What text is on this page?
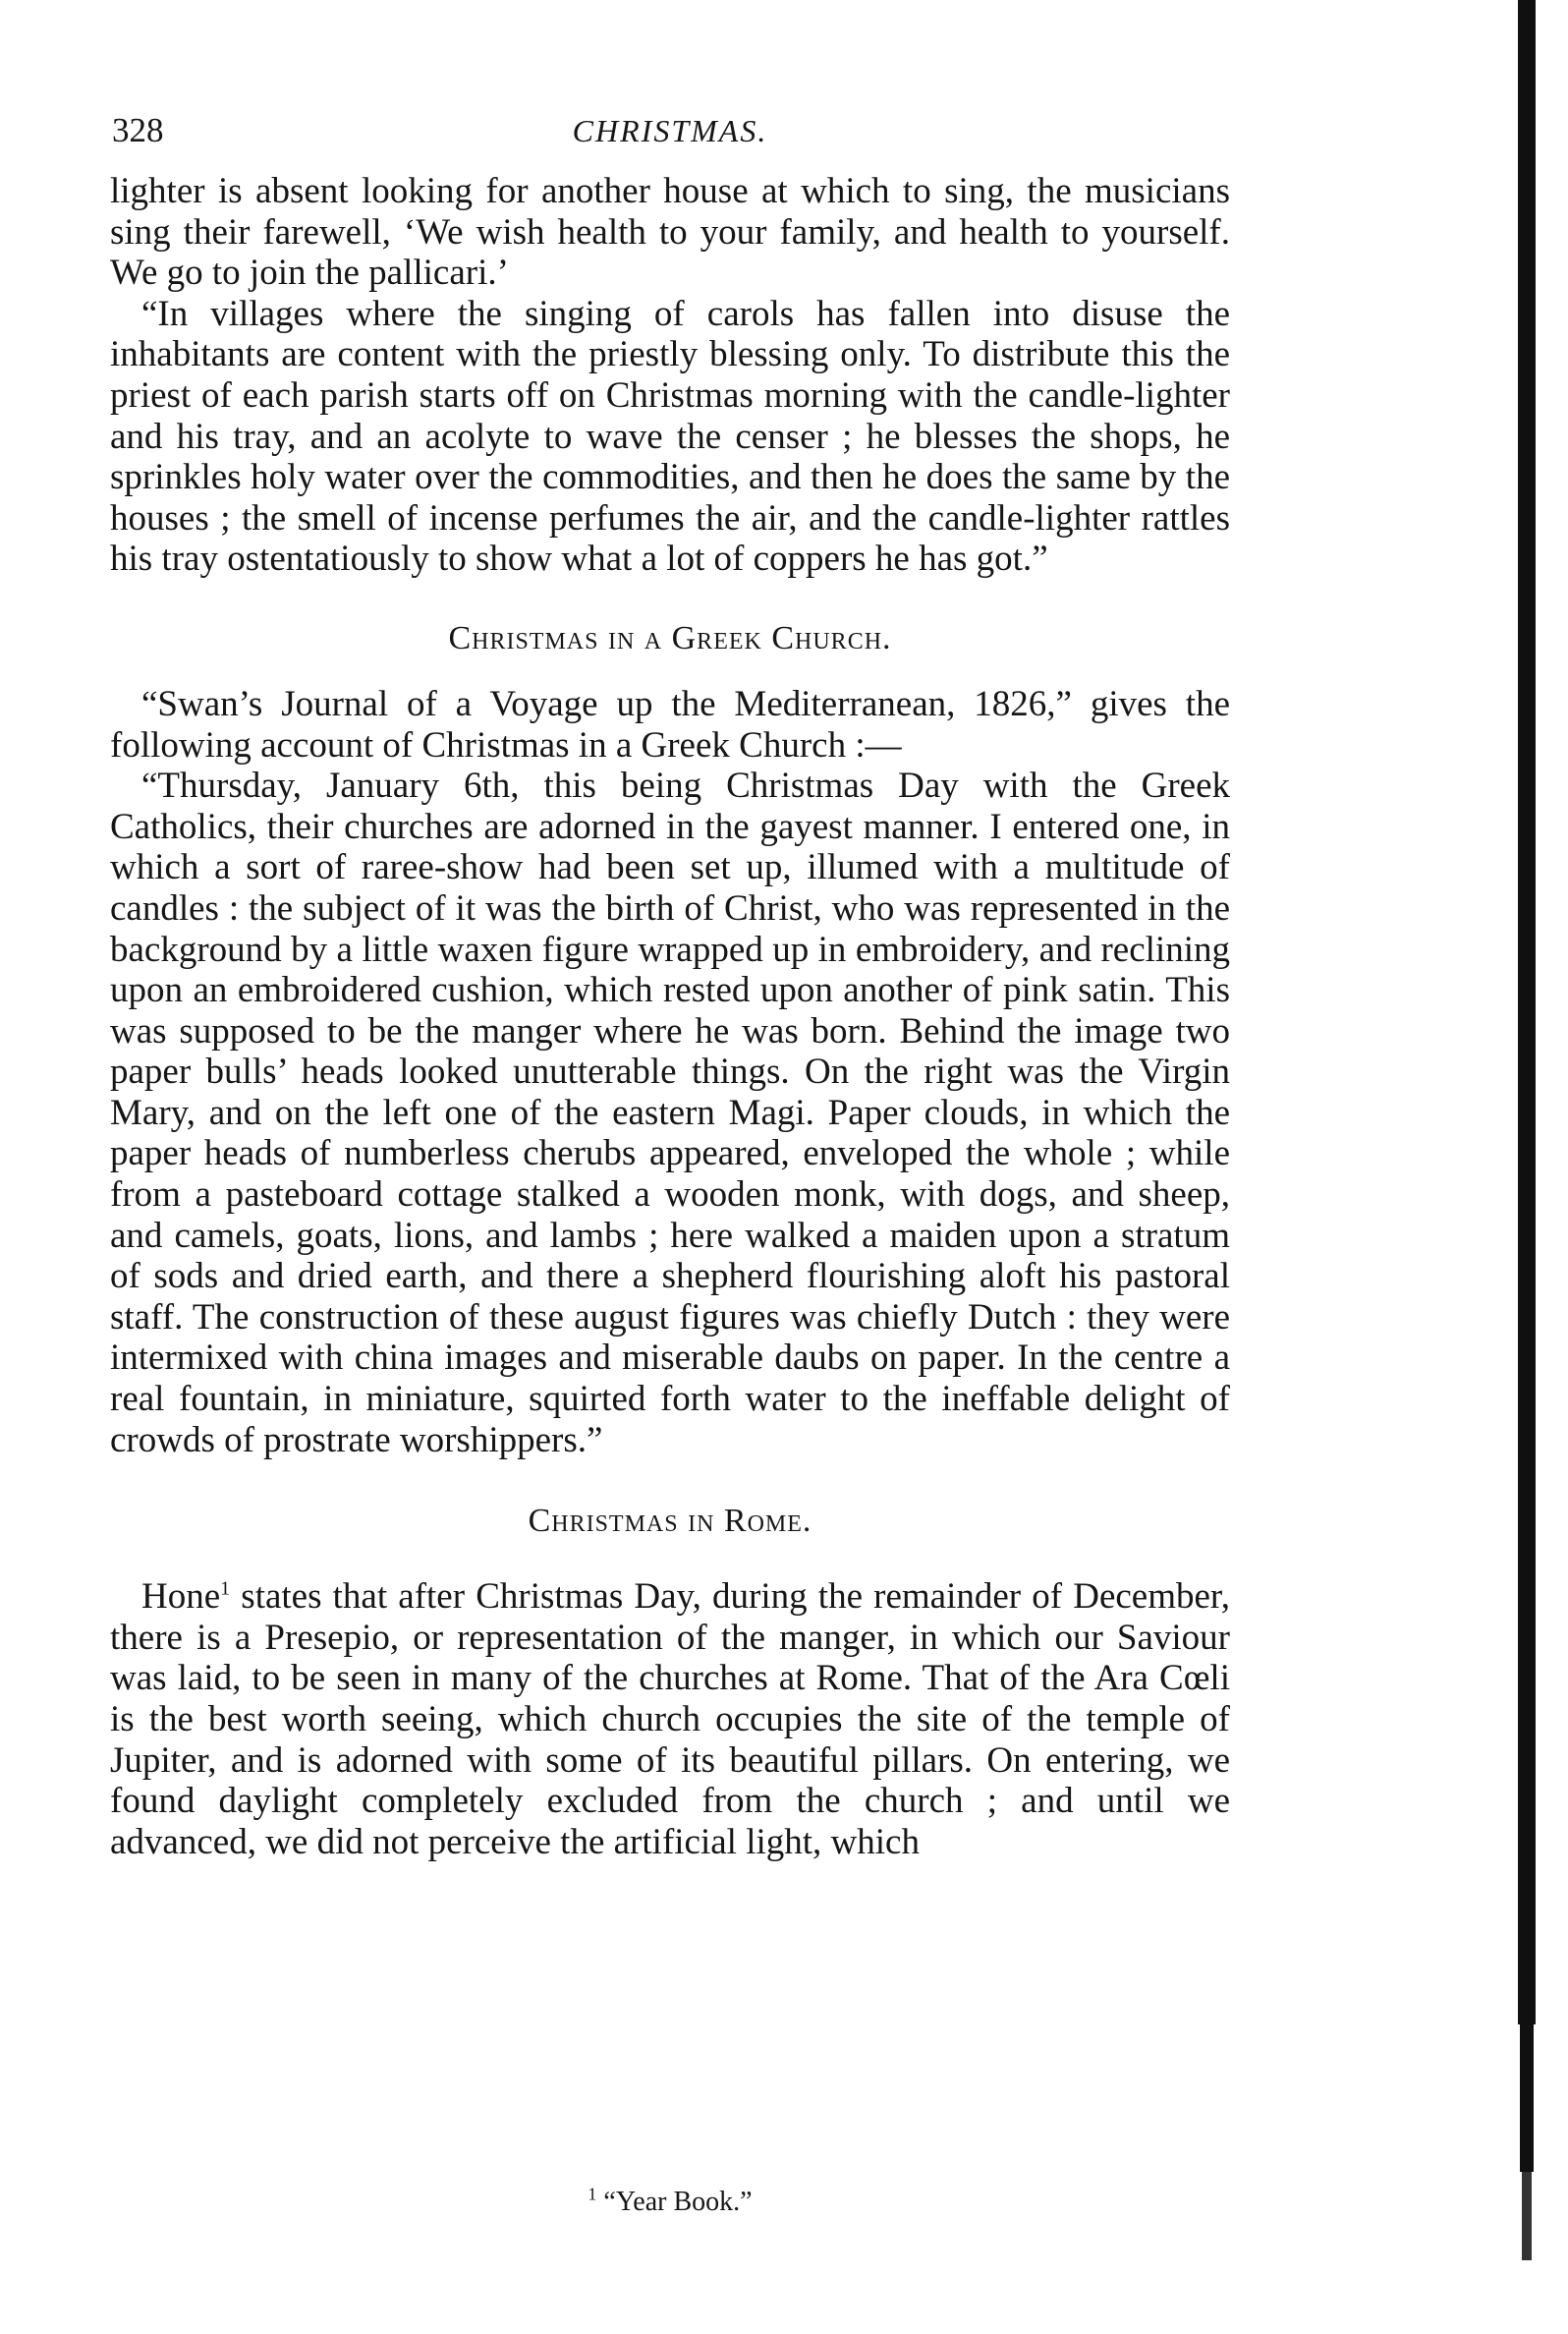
328	CHRISTMAS.

lighter is absent looking for another house at which to sing, the musicians sing their farewell, ‘We wish health to your family, and health to yourself. We go to join the pallicari.’

“In villages where the singing of carols has fallen into disuse the inhabitants are content with the priestly blessing only. To distribute this the priest of each parish starts off on Christmas morning with the candle-lighter and his tray, and an acolyte to wave the censer ; he blesses the shops, he sprinkles holy water over the commodities, and then he does the same by the houses ; the smell of incense perfumes the air, and the candle-lighter rattles his tray ostentatiously to show what a lot of coppers he has got.”

Christmas in a Greek Church.

“Swan’s Journal of a Voyage up the Mediterranean, 1826,” gives the following account of Christmas in a Greek Church :—

“Thursday, January 6th, this being Christmas Day with the Greek Catholics, their churches are adorned in the gayest manner. I entered one, in which a sort of raree-show had been set up, illumed with a multitude of candles : the subject of it was the birth of Christ, who was represented in the background by a little waxen figure wrapped up in embroidery, and reclining upon an embroidered cushion, which rested upon another of pink satin. This was supposed to be the manger where he was born. Behind the image two paper bulls’ heads looked unutterable things. On the right was the Virgin Mary, and on the left one of the eastern Magi. Paper clouds, in which the paper heads of numberless cherubs appeared, enveloped the whole ; while from a pasteboard cottage stalked a wooden monk, with dogs, and sheep, and camels, goats, lions, and lambs ; here walked a maiden upon a stratum of sods and dried earth, and there a shepherd flourishing aloft his pastoral staff. The construction of these august figures was chiefly Dutch : they were intermixed with china images and miserable daubs on paper. In the centre a real fountain, in miniature, squirted forth water to the ineffable delight of crowds of prostrate worshippers.”

Christmas in Rome.

Hone$^1$ states that after Christmas Day, during the remainder of December, there is a Presepio, or representation of the manger, in which our Saviour was laid, to be seen in many of the churches at Rome. That of the Ara Cœli is the best worth seeing, which church occupies the site of the temple of Jupiter, and is adorned with some of its beautiful pillars. On entering, we found daylight completely excluded from the church ; and until we advanced, we did not perceive the artificial light, which

$^1$ “Year Book.”
